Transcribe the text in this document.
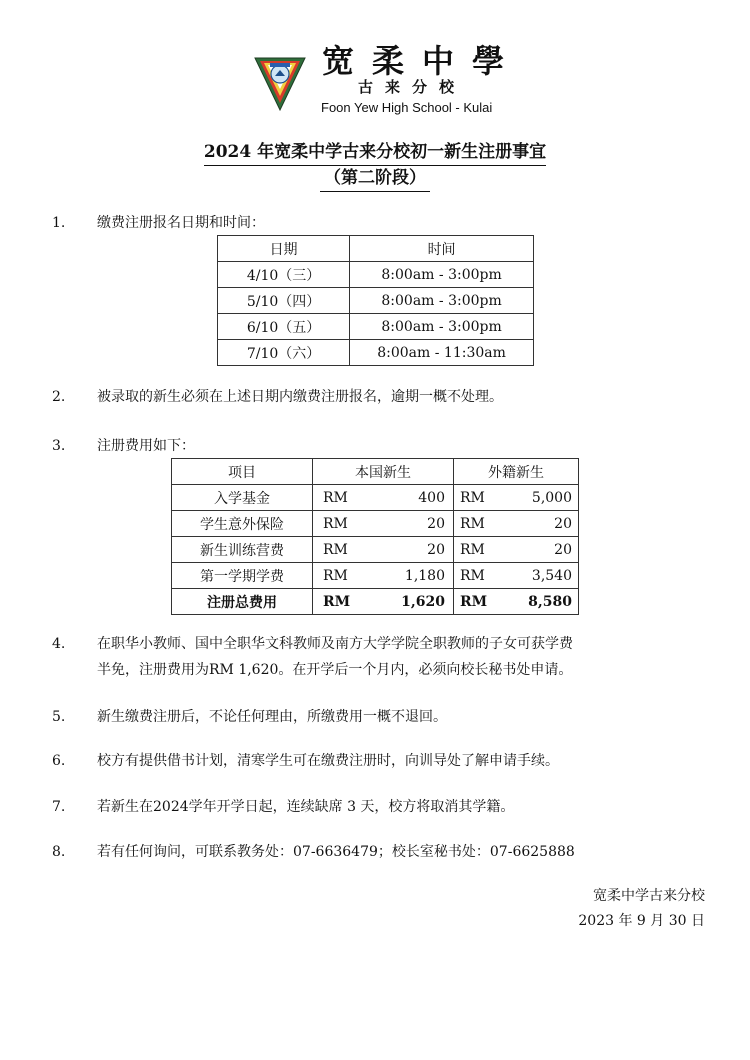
宽柔中學
古来分校
Foon Yew High School - Kulai
2024 年宽柔中学古来分校初一新生注册事宜
（第二阶段）
1. 缴费注册报名日期和时间：
日期	时间
4/10（三）	8:00am - 3:00pm
5/10（四）	8:00am - 3:00pm
6/10（五）	8:00am - 3:00pm
7/10（六）	8:00am - 11:30am
2. 被录取的新生必须在上述日期内缴费注册报名，逾期一概不处理。
3. 注册费用如下：
项目	本国新生		外籍新生	
入学基金	RM	400	RM	5,000
学生意外保险	RM	20	RM	20
新生训练营费	RM	20	RM	20
第一学期学费	RM	1,180	RM	3,540
注册总费用	RM	1,620	RM	8,580
4. 在职华小教师、国中全职华文科教师及南方大学学院全职教师的子女可获学费
半免，注册费用为RM 1,620。在开学后一个月内，必须向校长秘书处申请。
5. 新生缴费注册后，不论任何理由，所缴费用一概不退回。
6. 校方有提供借书计划，清寒学生可在缴费注册时，向训导处了解申请手续。
7. 若新生在2024学年开学日起，连续缺席 3 天，校方将取消其学籍。
8. 若有任何询问，可联系教务处：07-6636479；校长室秘书处：07-6625888
宽柔中学古来分校
2023 年 9 月 30 日
